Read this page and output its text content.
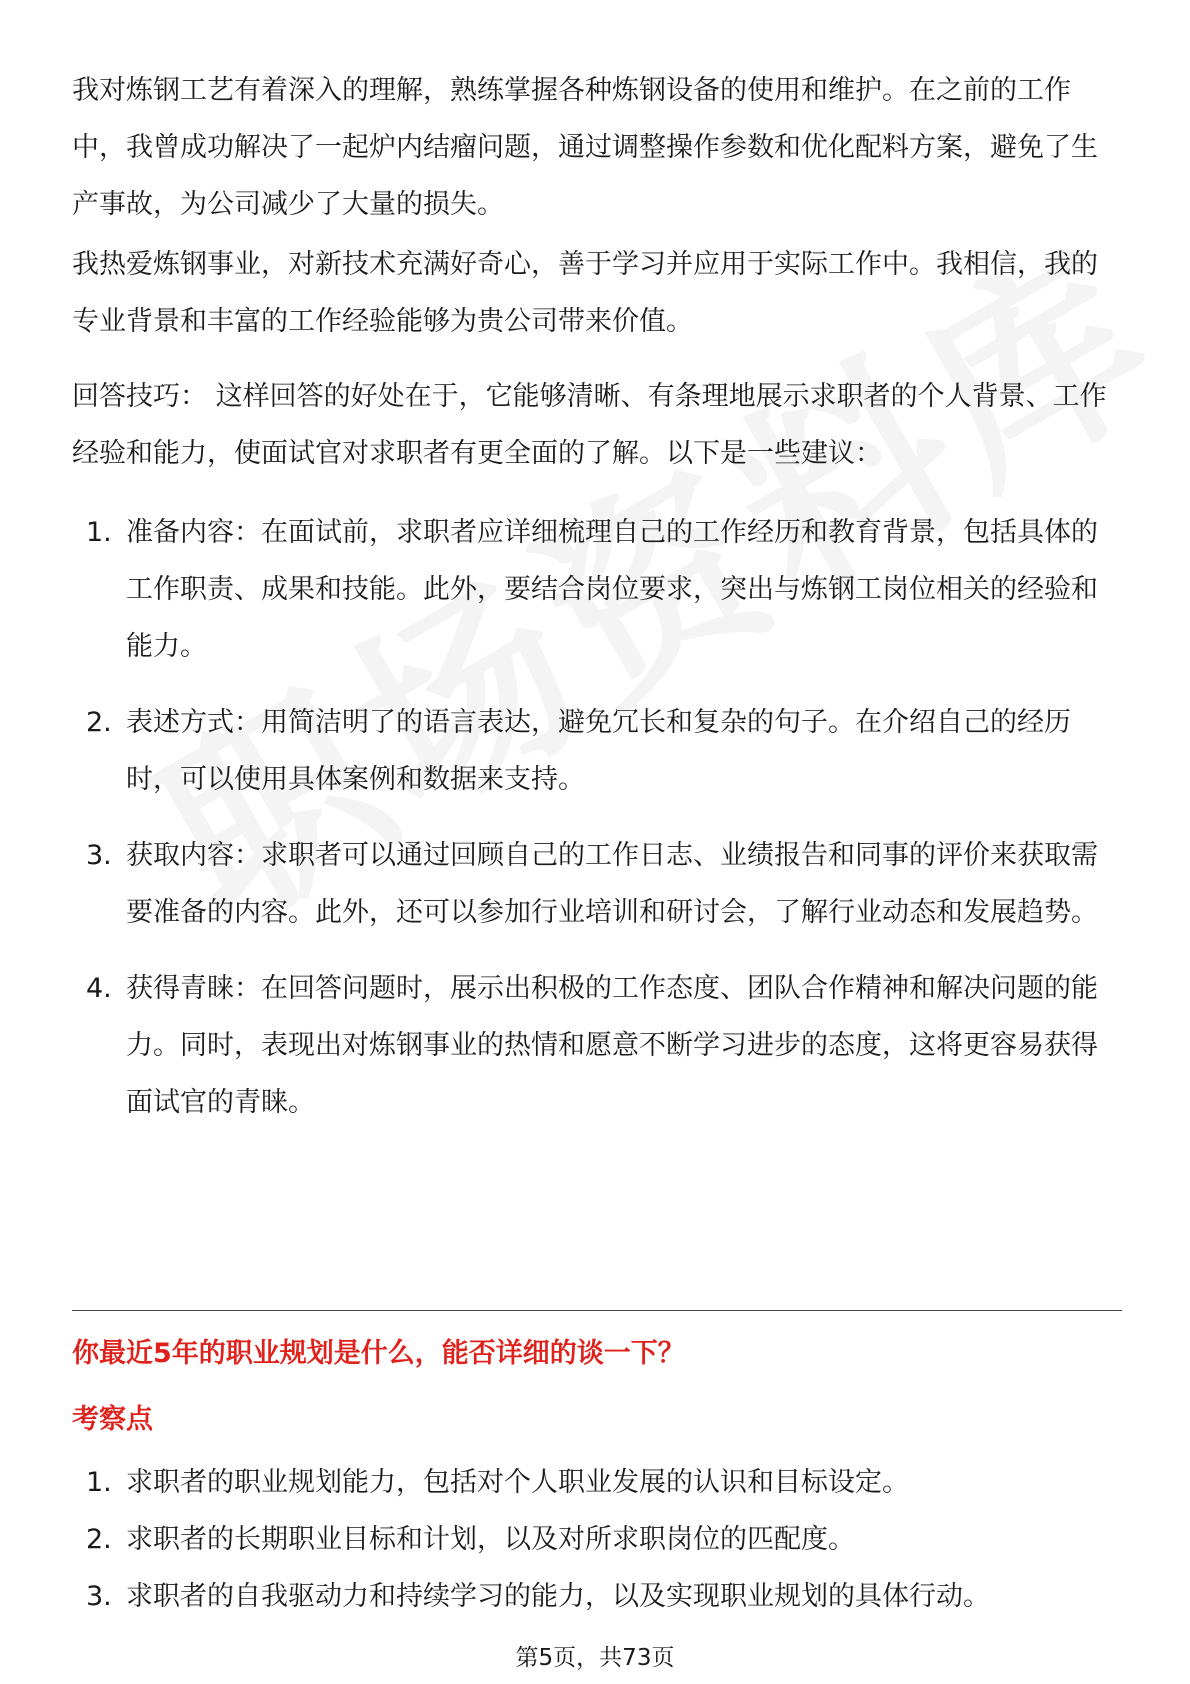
我对炼钢工艺有着深入的理解，熟练掌握各种炼钢设备的使用和维护。在之前的工作中，我曾成功解决了一起炉内结瘤问题，通过调整操作参数和优化配料方案，避免了生产事故，为公司减少了大量的损失。

我热爱炼钢事业，对新技术充满好奇心，善于学习并应用于实际工作中。我相信，我的专业背景和丰富的工作经验能够为贵公司带来价值。

回答技巧： 这样回答的好处在于，它能够清晰、有条理地展示求职者的个人背景、工作经验和能力，使面试官对求职者有更全面的了解。以下是一些建议：

1. 准备内容：在面试前，求职者应详细梳理自己的工作经历和教育背景，包括具体的工作职责、成果和技能。此外，要结合岗位要求，突出与炼钢工岗位相关的经验和能力。
2. 表述方式：用简洁明了的语言表达，避免冗长和复杂的句子。在介绍自己的经历时，可以使用具体案例和数据来支持。
3. 获取内容：求职者可以通过回顾自己的工作日志、业绩报告和同事的评价来获取需要准备的内容。此外，还可以参加行业培训和研讨会，了解行业动态和发展趋势。
4. 获得青睐：在回答问题时，展示出积极的工作态度、团队合作精神和解决问题的能力。同时，表现出对炼钢事业的热情和愿意不断学习进步的态度，这将更容易获得面试官的青睐。

你最近5年的职业规划是什么，能否详细的谈一下？

考察点

1. 求职者的职业规划能力，包括对个人职业发展的认识和目标设定。
2. 求职者的长期职业目标和计划，以及对所求职岗位的匹配度。
3. 求职者的自我驱动力和持续学习的能力，以及实现职业规划的具体行动。
第5页，共73页
